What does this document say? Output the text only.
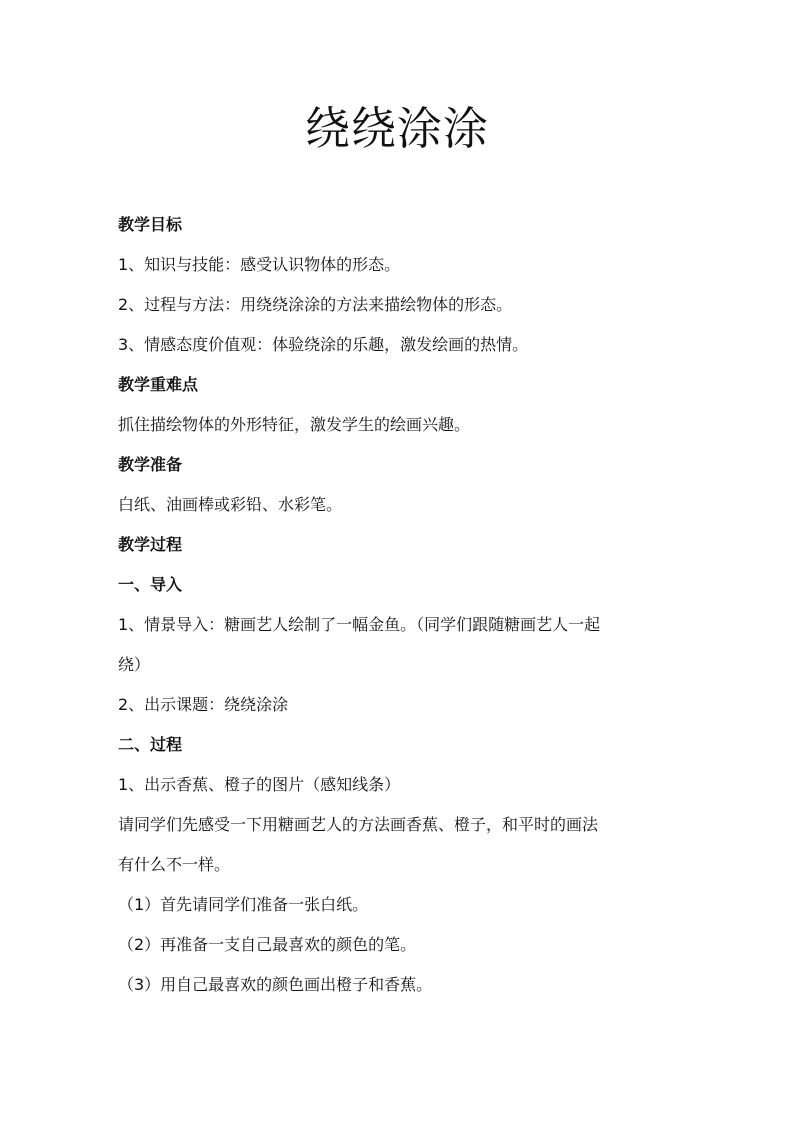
绕绕涂涂

教学目标

1、知识与技能：感受认识物体的形态。

2、过程与方法：用绕绕涂涂的方法来描绘物体的形态。

3、情感态度价值观：体验绕涂的乐趣，激发绘画的热情。

教学重难点

抓住描绘物体的外形特征，激发学生的绘画兴趣。

教学准备

白纸、油画棒或彩铅、水彩笔。

教学过程

一、导入

1、情景导入：糖画艺人绘制了一幅金鱼。（同学们跟随糖画艺人一起

绕）

2、出示课题：绕绕涂涂

二、过程

1、出示香蕉、橙子的图片（感知线条）

请同学们先感受一下用糖画艺人的方法画香蕉、橙子，和平时的画法

有什么不一样。

（1）首先请同学们准备一张白纸。

（2）再准备一支自己最喜欢的颜色的笔。

（3）用自己最喜欢的颜色画出橙子和香蕉。
